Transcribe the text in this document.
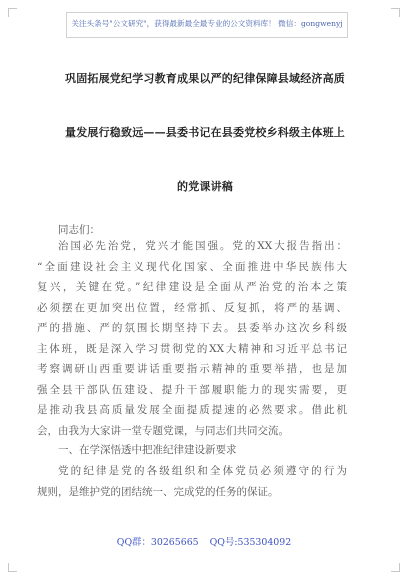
关注头条号"公文研究"，获得最新最全最专业的公文资料库！ 微信：gongwenyj
巩固拓展党纪学习教育成果以严的纪律保障县域经济高质
量发展行稳致远——县委书记在县委党校乡科级主体班上
的党课讲稿
同志们：
治国必先治党，党兴才能国强。党的XX大报告指出：
“全面建设社会主义现代化国家、全面推进中华民族伟大
复兴，关键在党。”纪律建设是全面从严治党的治本之策
必须摆在更加突出位置，经常抓、反复抓，将严的基调、
严的措施、严的氛围长期坚持下去。县委举办这次乡科级
主体班，既是深入学习贯彻党的XX大精神和习近平总书记
考察调研山西重要讲话重要指示精神的重要举措，也是加
强全县干部队伍建设、提升干部履职能力的现实需要，更
是推动我县高质量发展全面提质提速的必然要求。借此机
会，由我为大家讲一堂专题党课，与同志们共同交流。
一、在学深悟透中把准纪律建设新要求
党的纪律是党的各级组织和全体党员必须遵守的行为
规则，是维护党的团结统一、完成党的任务的保证。
QQ群：30265665 QQ号:535304092
